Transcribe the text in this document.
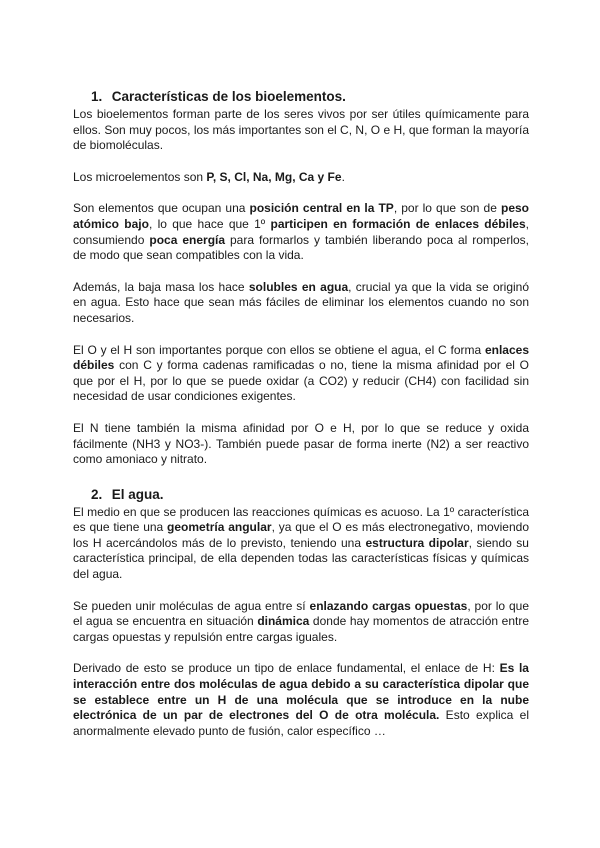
1. Características de los bioelementos.

Los bioelementos forman parte de los seres vivos por ser útiles químicamente para ellos. Son muy pocos, los más importantes son el C, N, O e H, que forman la mayoría de biomoléculas.

Los microelementos son P, S, Cl, Na, Mg, Ca y Fe.

Son elementos que ocupan una posición central en la TP, por lo que son de peso atómico bajo, lo que hace que 1º participen en formación de enlaces débiles, consumiendo poca energía para formarlos y también liberando poca al romperlos, de modo que sean compatibles con la vida.

Además, la baja masa los hace solubles en agua, crucial ya que la vida se originó en agua. Esto hace que sean más fáciles de eliminar los elementos cuando no son necesarios.

El O y el H son importantes porque con ellos se obtiene el agua, el C forma enlaces débiles con C y forma cadenas ramificadas o no, tiene la misma afinidad por el O que por el H, por lo que se puede oxidar (a CO2) y reducir (CH4) con facilidad sin necesidad de usar condiciones exigentes.

El N tiene también la misma afinidad por O e H, por lo que se reduce y oxida fácilmente (NH3 y NO3-). También puede pasar de forma inerte (N2) a ser reactivo como amoniaco y nitrato.

2. El agua.

El medio en que se producen las reacciones químicas es acuoso. La 1º característica es que tiene una geometría angular, ya que el O es más electronegativo, moviendo los H acercándolos más de lo previsto, teniendo una estructura dipolar, siendo su característica principal, de ella dependen todas las características físicas y químicas del agua.

Se pueden unir moléculas de agua entre sí enlazando cargas opuestas, por lo que el agua se encuentra en situación dinámica donde hay momentos de atracción entre cargas opuestas y repulsión entre cargas iguales.

Derivado de esto se produce un tipo de enlace fundamental, el enlace de H: Es la interacción entre dos moléculas de agua debido a su característica dipolar que se establece entre un H de una molécula que se introduce en la nube electrónica de un par de electrones del O de otra molécula. Esto explica el anormalmente elevado punto de fusión, calor específico …
